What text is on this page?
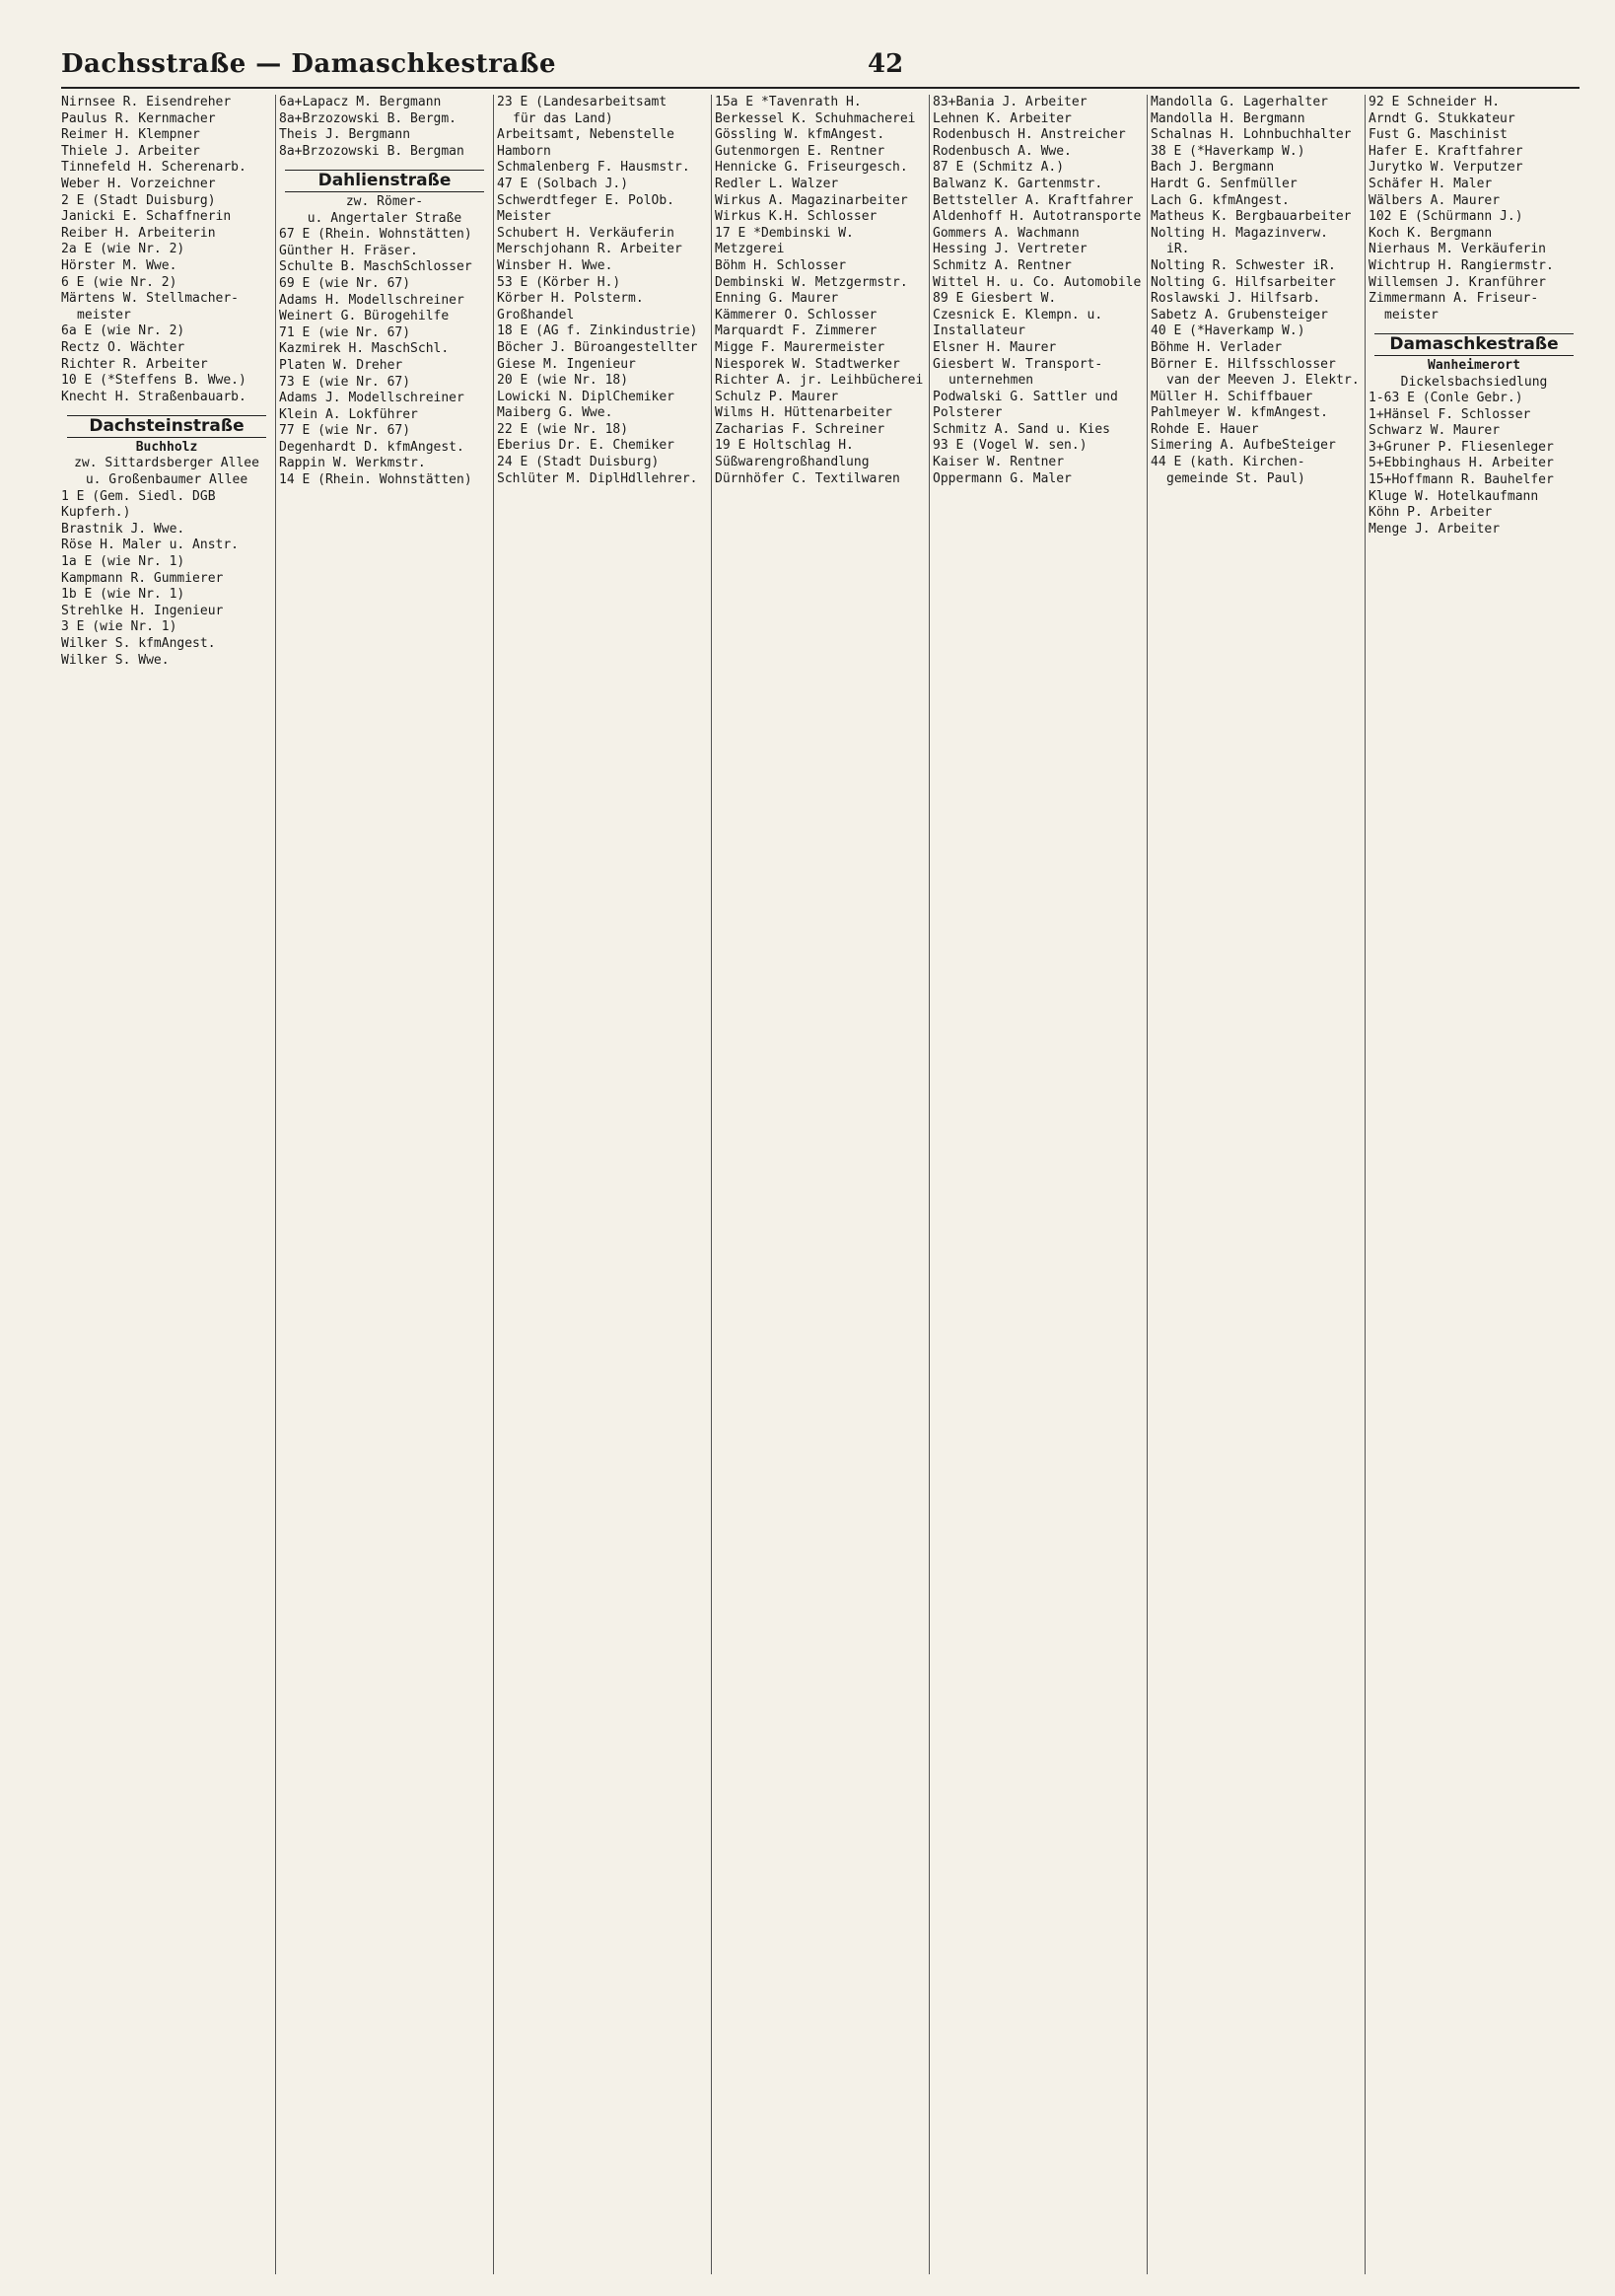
Dachsstraße — Damaschkestraße	42
Nirnsee R. Eisendreher
Paulus R. Kernmacher
Reimer H. Klempner
Thiele J. Arbeiter
Tinnefeld H. Scherenarb.
Weber H. Vorzeichner
2 E (Stadt Duisburg)
Janicki E. Schaffnerin
Reiber H. Arbeiterin
2a E (wie Nr. 2)
Hörster M. Wwe.
6 E (wie Nr. 2)
Märtens W. Stellmacher-
meister
6a E (wie Nr. 2)
Rectz O. Wächter
Richter R. Arbeiter
10 E (*Steffens B. Wwe.)
Knecht H. Straßenbauarb.
Dachsteinstraße
Buchholz
zw. Sittardsberger Allee
u. Großenbaumer Allee
1 E (Gem. Siedl. DGB
Kupferh.)
Brastnik J. Wwe.
Röse H. Maler u. Anstr.
1a E (wie Nr. 1)
Kampmann R. Gummierer
1b E (wie Nr. 1)
Strehlke H. Ingenieur
3 E (wie Nr. 1)
Wilker S. kfmAngest.
Wilker S. Wwe.
6a+Lapacz M. Bergmann
8a+Brzozowski B. Bergm.
Theis J. Bergmann
8a+Brzozowski B. Bergman
Dahlienstraße
zw. Römer-
u. Angertaler Straße
67 E (Rhein. Wohnstätten)
Günther H. Fräser.
Schulte B. MaschSchlosser
69 E (wie Nr. 67)
Adams H. Modellschreiner
Weinert G. Bürogehilfe
71 E (wie Nr. 67)
Kazmirek H. MaschSchl.
Platen W. Dreher
73 E (wie Nr. 67)
Adams J. Modellschreiner
Klein A. Lokführer
77 E (wie Nr. 67)
Degenhardt D. kfmAngest.
Rappin W. Werkmstr.
14 E (Rhein. Wohnstätten)
23 E (Landesarbeitsamt
für das Land)
Arbeitsamt, Nebenstelle
Hamborn
Schmalenberg F. Hausmstr.
47 E (Solbach J.)
Schwerdtfeger E. PolOb.
Meister
Schubert H. Verkäuferin
Merschjohann R. Arbeiter
Winsber H. Wwe.
53 E (Körber H.)
Körber H. Polsterm.
Großhandel
18 E (AG f. Zinkindustrie)
Böcher J. Büroangestellter
Giese M. Ingenieur
20 E (wie Nr. 18)
Lowicki N. DiplChemiker
Maiberg G. Wwe.
22 E (wie Nr. 18)
Eberius Dr. E. Chemiker
24 E (Stadt Duisburg)
Schlüter M. DiplHdllehrer.
15a E *Tavenrath H.
Berkessel K. Schuhmacherei
Gössling W. kfmAngest.
Gutenmorgen E. Rentner
Hennicke G. Friseurgesch.
Redler L. Walzer
Wirkus A. Magazinarbeiter
Wirkus K.H. Schlosser
17 E *Dembinski W.
Metzgerei
Böhm H. Schlosser
Dembinski W. Metzgermstr.
Enning G. Maurer
Kämmerer O. Schlosser
Marquardt F. Zimmerer
Migge F. Maurermeister
Niesporek W. Stadtwerker
Richter A. jr. Leihbücherei
Schulz P. Maurer
Wilms H. Hüttenarbeiter
Zacharias F. Schreiner
19 E Holtschlag H.
Süßwarengroßhandlung
Dürnhöfer C. Textilwaren
83+Bania J. Arbeiter
Lehnen K. Arbeiter
Rodenbusch H. Anstreicher
Rodenbusch A. Wwe.
87 E (Schmitz A.)
Balwanz K. Gartenmstr.
Bettsteller A. Kraftfahrer
Aldenhoff H. Autotransporte
Gommers A. Wachmann
Hessing J. Vertreter
Schmitz A. Rentner
Wittel H. u. Co. Automobile
89 E Giesbert W.
Czesnick E. Klempn. u.
Installateur
Elsner H. Maurer
Giesbert W. Transport-
unternehmen
Podwalski G. Sattler und
Polsterer
Schmitz A. Sand u. Kies
93 E (Vogel W. sen.)
Kaiser W. Rentner
Oppermann G. Maler
Mandolla G. Lagerhalter
Mandolla H. Bergmann
Schalnas H. Lohnbuchhalter
38 E (*Haverkamp W.)
Bach J. Bergmann
Hardt G. Senfmüller
Lach G. kfmAngest.
Matheus K. Bergbauarbeiter
Nolting H. Magazinverw.
iR.
Nolting R. Schwester iR.
Nolting G. Hilfsarbeiter
Roslawski J. Hilfsarb.
Sabetz A. Grubensteiger
40 E (*Haverkamp W.)
Böhme H. Verlader
Börner E. Hilfsschlosser
van der Meeven J. Elektr.
Müller H. Schiffbauer
Pahlmeyer W. kfmAngest.
Rohde E. Hauer
Simering A. AufbeSteiger
44 E (kath. Kirchen-
gemeinde St. Paul)
92 E Schneider H.
Arndt G. Stukkateur
Fust G. Maschinist
Hafer E. Kraftfahrer
Jurytko W. Verputzer
Schäfer H. Maler
Wälbers A. Maurer
102 E (Schürmann J.)
Koch K. Bergmann
Nierhaus M. Verkäuferin
Wichtrup H. Rangiermstr.
Willemsen J. Kranführer
Zimmermann A. Friseur-
meister
Damaschkestraße
Wanheimerort
Dickelsbachsiedlung
1-63 E (Conle Gebr.)
1+Hänsel F. Schlosser
Schwarz W. Maurer
3+Gruner P. Fliesenleger
5+Ebbinghaus H. Arbeiter
15+Hoffmann R. Bauhelfer
Kluge W. Hotelkaufmann
Köhn P. Arbeiter
Menge J. Arbeiter
